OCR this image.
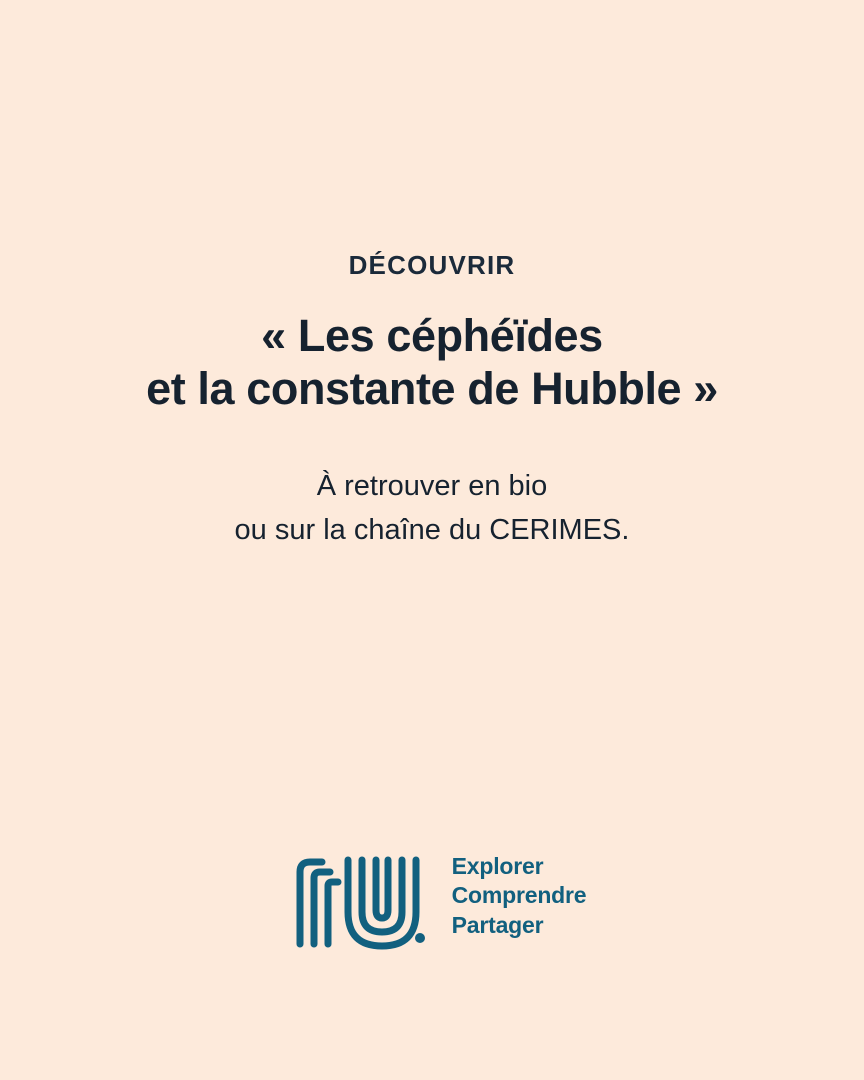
DÉCOUVRIR
« Les céphéïdes
et la constante de Hubble »
À retrouver en bio
ou sur la chaîne du CERIMES.
Explorer
Comprendre
Partager
